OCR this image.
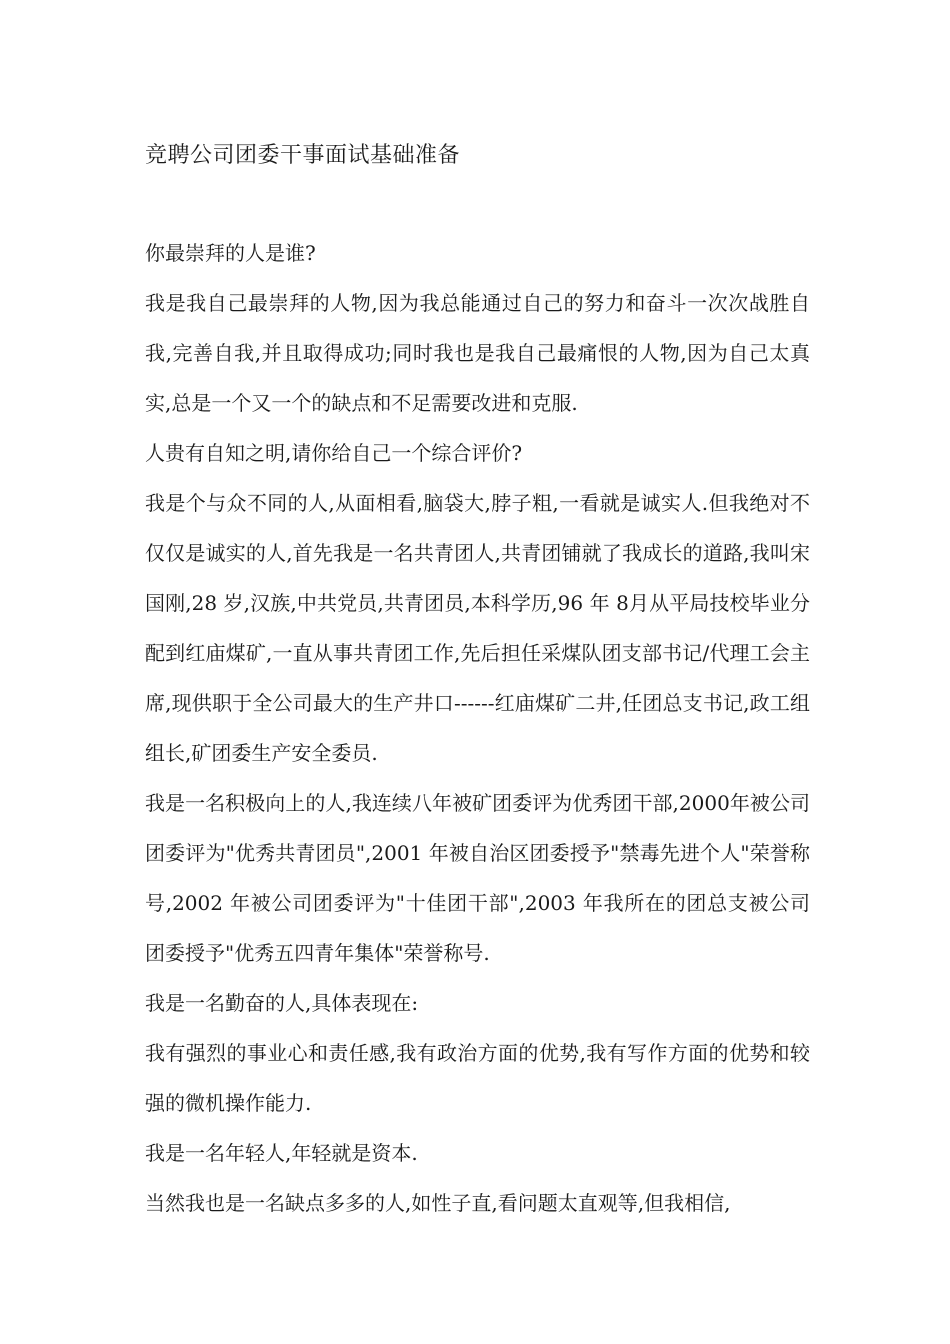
竞聘公司团委干事面试基础准备

你最崇拜的人是谁?

我是我自己最崇拜的人物,因为我总能通过自己的努力和奋斗一次次战胜自我,完善自我,并且取得成功;同时我也是我自己最痛恨的人物,因为自己太真实,总是一个又一个的缺点和不足需要改进和克服.

人贵有自知之明,请你给自己一个综合评价?

我是个与众不同的人,从面相看,脑袋大,脖子粗,一看就是诚实人.但我绝对不仅仅是诚实的人,首先我是一名共青团人,共青团铺就了我成长的道路,我叫宋国刚,28 岁,汉族,中共党员,共青团员,本科学历,96 年 8月从平局技校毕业分配到红庙煤矿,一直从事共青团工作,先后担任采煤队团支部书记/代理工会主席,现供职于全公司最大的生产井口------红庙煤矿二井,任团总支书记,政工组组长,矿团委生产安全委员.

我是一名积极向上的人,我连续八年被矿团委评为优秀团干部,2000年被公司团委评为"优秀共青团员",2001 年被自治区团委授予"禁毒先进个人"荣誉称号,2002 年被公司团委评为"十佳团干部",2003 年我所在的团总支被公司团委授予"优秀五四青年集体"荣誉称号.

我是一名勤奋的人,具体表现在:

我有强烈的事业心和责任感,我有政治方面的优势,我有写作方面的优势和较强的微机操作能力.

我是一名年轻人,年轻就是资本.

当然我也是一名缺点多多的人,如性子直,看问题太直观等,但我相信,
